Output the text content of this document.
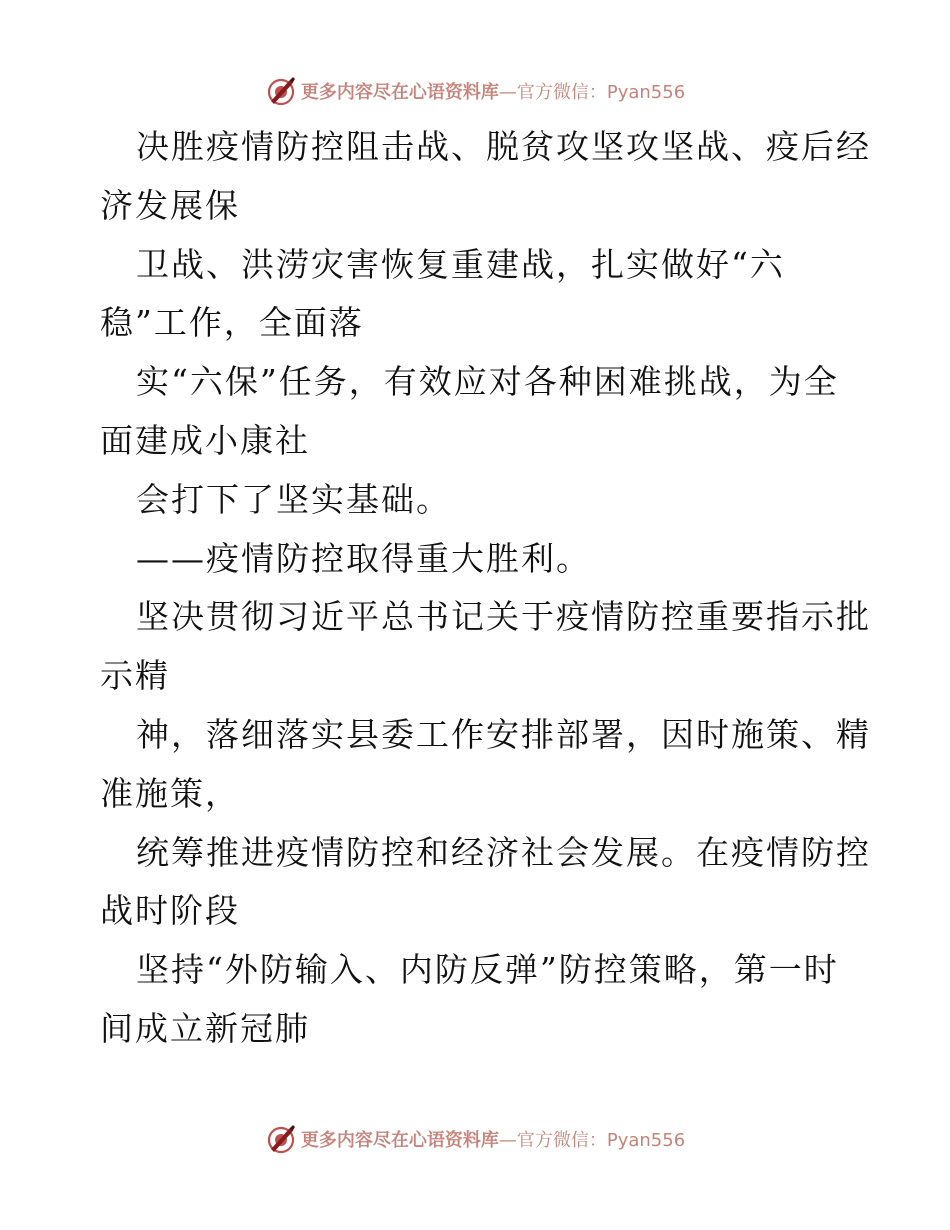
更多内容尽在心语资料库 —官方微信：Pyan556
决胜疫情防控阻击战、脱贫攻坚攻坚战、疫后经
济发展保
卫战、洪涝灾害恢复重建战，扎实做好“六
稳”工作，全面落
实“六保”任务，有效应对各种困难挑战，为全
面建成小康社
会打下了坚实基础。
——疫情防控取得重大胜利。
坚决贯彻习近平总书记关于疫情防控重要指示批
示精
神，落细落实县委工作安排部署，因时施策、精
准施策，
统筹推进疫情防控和经济社会发展。在疫情防控
战时阶段
坚持“外防输入、内防反弹”防控策略，第一时
间成立新冠肺
更多内容尽在心语资料库 —官方微信：Pyan556
